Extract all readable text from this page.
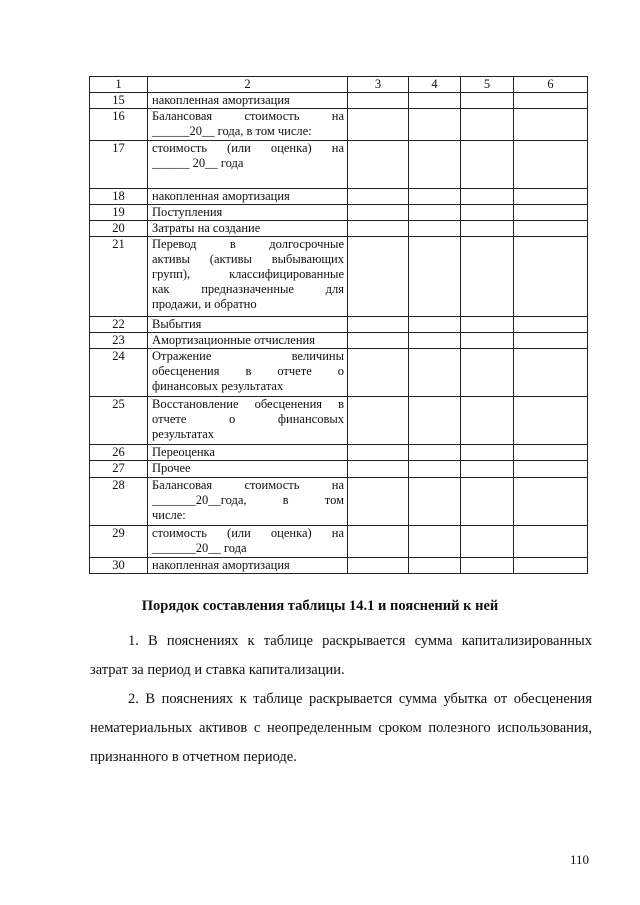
1	2	3	4	5	6
15	накопленная амортизация				

16	Балансовая стоимость на
______20__ года, в том числе:				

17	стоимость (или оценка) на
______ 20__ года				

18	накопленная амортизация				

19	Поступления				

20	Затраты на создание				

21	Перевод в долгосрочные
активы (активы выбывающих
групп), классифицированные
как предназначенные для
продажи, и обратно				

22	Выбытия				

23	Амортизационные отчисления				

24	Отражение величины
обесценения в отчете о
финансовых результатах				

25	Восстановление обесценения в
отчете о финансовых
результатах				

26	Переоценка				

27	Прочее				

28	Балансовая стоимость на
_______20__года, в том
числе:				

29	стоимость (или оценка) на
_______20__ года				

30	накопленная амортизация				

Порядок составления таблицы 14.1 и пояснений к ней
1. В пояснениях к таблице раскрывается сумма капитализированных затрат за период и ставка капитализации.
2. В пояснениях к таблице раскрывается сумма убытка от обесценения нематериальных активов с неопределенным сроком полезного использования, признанного в отчетном периоде.
110
